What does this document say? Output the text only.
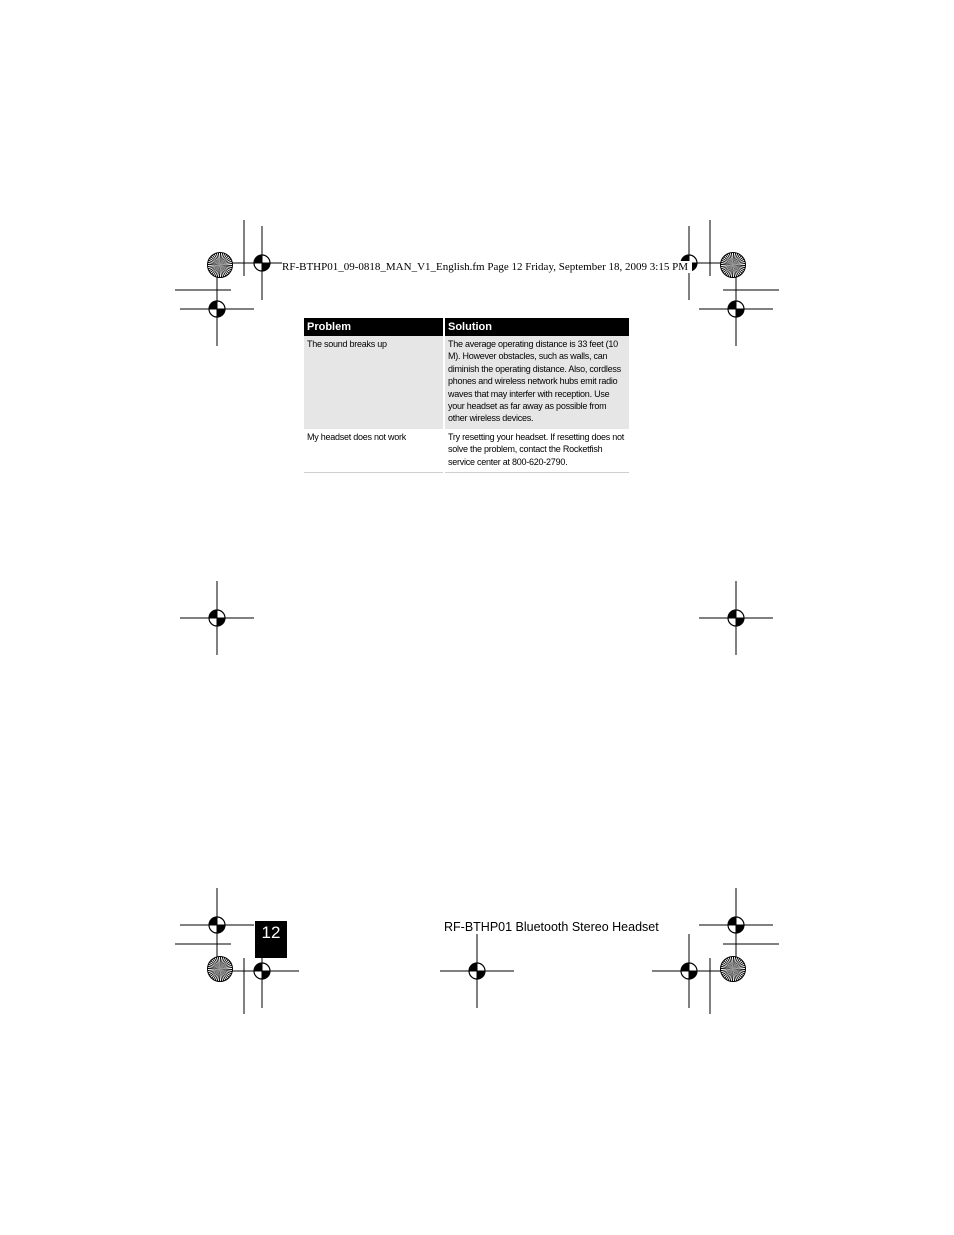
RF-BTHP01_09-0818_MAN_V1_English.fm Page 12 Friday, September 18, 2009 3:15 PM
Problem	Solution
The sound breaks up	The average operating distance is 33 feet (10 M). However obstacles, such as walls, can diminish the operating distance. Also, cordless phones and wireless network hubs emit radio waves that may interfer with reception. Use your headset as far away as possible from other wireless devices.
My headset does not work	Try resetting your headset. If resetting does not solve the problem, contact the Rocketfish service center at 800-620-2790.
12	RF-BTHP01 Bluetooth Stereo Headset
